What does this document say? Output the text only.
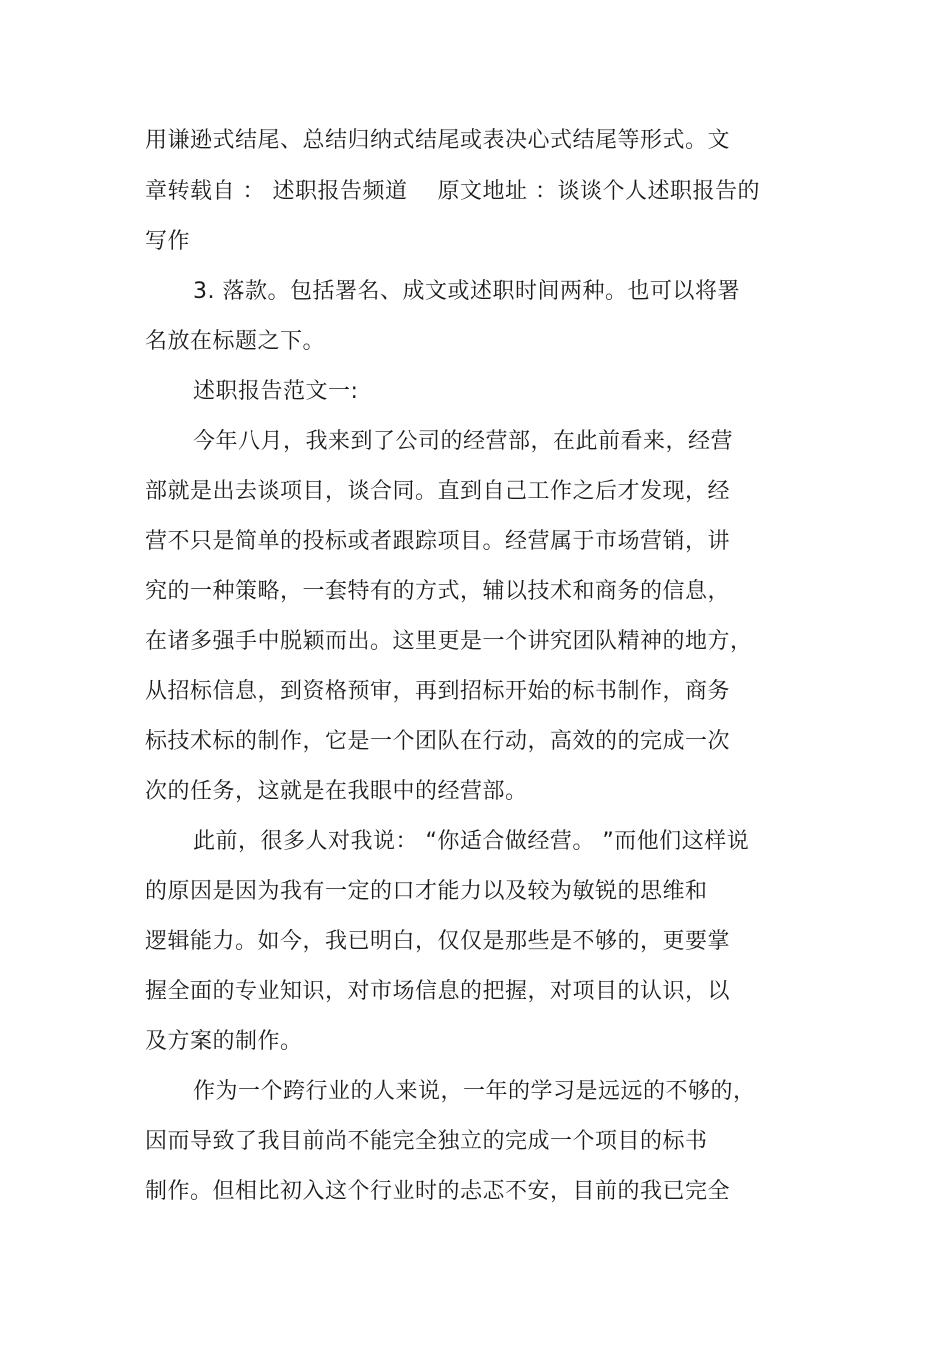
用谦逊式结尾、总结归纳式结尾或表决心式结尾等形式。文
章转载自 ： 述职报告频道 原文地址 ：谈谈个人述职报告的
写作
3. 落款。包括署名、成文或述职时间两种。也可以将署
名放在标题之下。
述职报告范文一:
今年八月，我来到了公司的经营部，在此前看来，经营
部就是出去谈项目，谈合同。直到自己工作之后才发现，经
营不只是简单的投标或者跟踪项目。经营属于市场营销，讲
究的一种策略，一套特有的方式，辅以技术和商务的信息，
在诸多强手中脱颖而出。这里更是一个讲究团队精神的地方，
从招标信息，到资格预审，再到招标开始的标书制作，商务
标技术标的制作，它是一个团队在行动，高效的的完成一次
次的任务，这就是在我眼中的经营部。
此前，很多人对我说： “你适合做经营。 ”而他们这样说
的原因是因为我有一定的口才能力以及较为敏锐的思维和
逻辑能力。如今，我已明白，仅仅是那些是不够的，更要掌
握全面的专业知识，对市场信息的把握，对项目的认识，以
及方案的制作。
作为一个跨行业的人来说，一年的学习是远远的不够的，
因而导致了我目前尚不能完全独立的完成一个项目的标书
制作。但相比初入这个行业时的忐忑不安，目前的我已完全
